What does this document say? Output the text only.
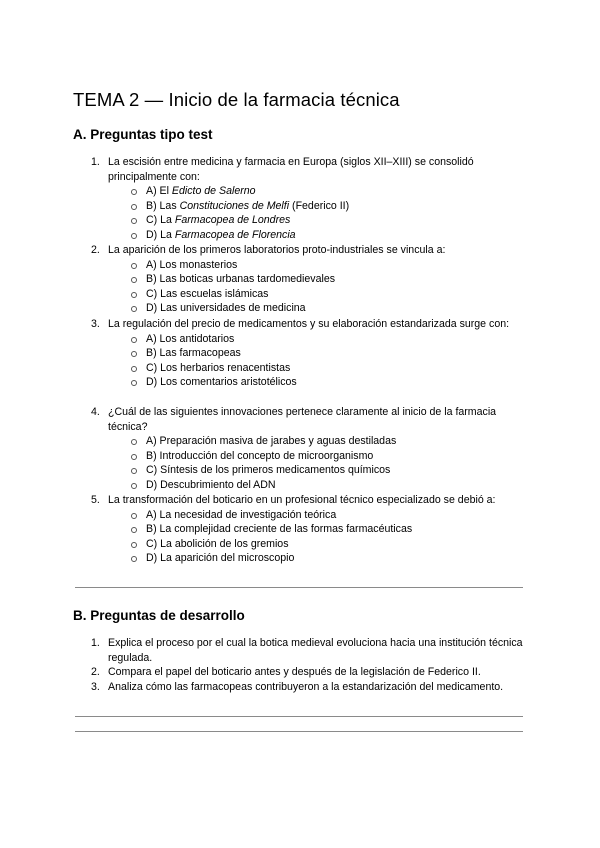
TEMA 2 — Inicio de la farmacia técnica
A. Preguntas tipo test
1. La escisión entre medicina y farmacia en Europa (siglos XII–XIII) se consolidó principalmente con:
A) El Edicto de Salerno
B) Las Constituciones de Melfi (Federico II)
C) La Farmacopea de Londres
D) La Farmacopea de Florencia
2. La aparición de los primeros laboratorios proto-industriales se vincula a:
A) Los monasterios
B) Las boticas urbanas tardomedievales
C) Las escuelas islámicas
D) Las universidades de medicina
3. La regulación del precio de medicamentos y su elaboración estandarizada surge con:
A) Los antidotarios
B) Las farmacopeas
C) Los herbarios renacentistas
D) Los comentarios aristotélicos
4. ¿Cuál de las siguientes innovaciones pertenece claramente al inicio de la farmacia técnica?
A) Preparación masiva de jarabes y aguas destiladas
B) Introducción del concepto de microorganismo
C) Síntesis de los primeros medicamentos químicos
D) Descubrimiento del ADN
5. La transformación del boticario en un profesional técnico especializado se debió a:
A) La necesidad de investigación teórica
B) La complejidad creciente de las formas farmacéuticas
C) La abolición de los gremios
D) La aparición del microscopio
B. Preguntas de desarrollo
1. Explica el proceso por el cual la botica medieval evoluciona hacia una institución técnica regulada.
2. Compara el papel del boticario antes y después de la legislación de Federico II.
3. Analiza cómo las farmacopeas contribuyeron a la estandarización del medicamento.
